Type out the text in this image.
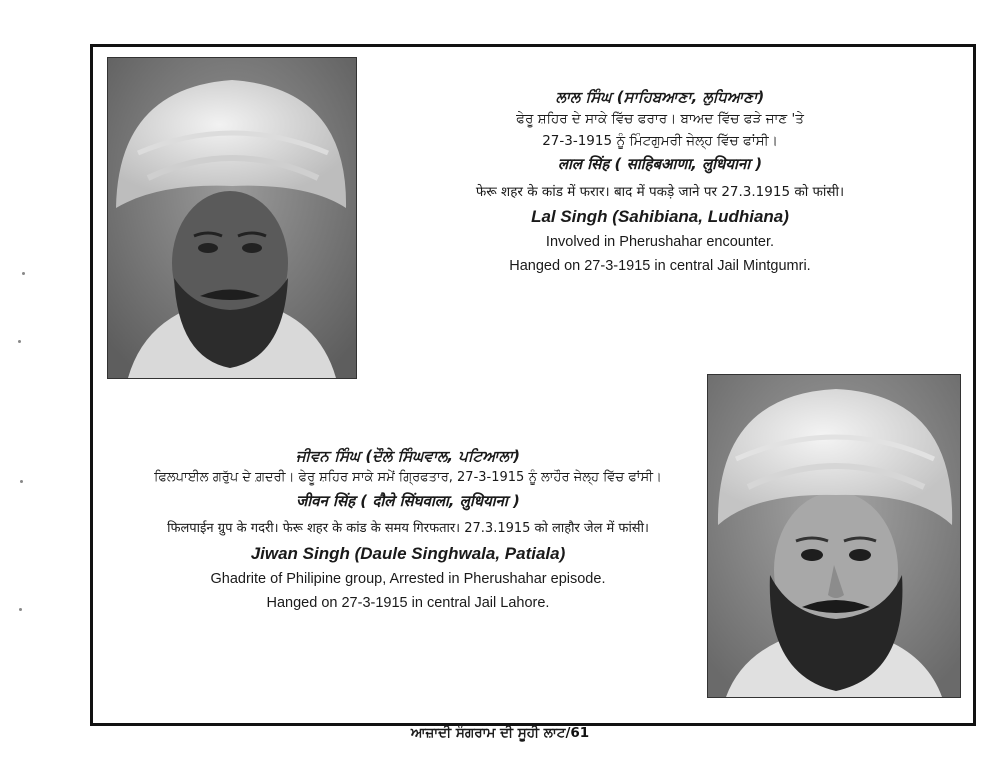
ਲਾਲ ਸਿੰਘ (ਸਾਹਿਬਆਣਾ, ਲੁਧਿਆਣਾ)
ਫੇਰੂ ਸ਼ਹਿਰ ਦੇ ਸਾਕੇ ਵਿੱਚ ਫਰਾਰ। ਬਾਅਦ ਵਿੱਚ ਫੜੇ ਜਾਣ 'ਤੇ
27-3-1915 ਨੂੰ ਮਿੰਟਗੁਮਰੀ ਜੇਲ੍ਹ ਵਿੱਚ ਫਾਂਸੀ।
लाल सिंह ( साहिबआणा, लुधियाना )
फेरू शहर के कांड में फरार। बाद में पकड़े जाने पर 27.3.1915 को फांसी।
Lal Singh (Sahibiana, Ludhiana)
Involved in Pherushahar encounter.
Hanged on 27-3-1915 in central Jail Mintgumri.
ਜੀਵਨ ਸਿੰਘ (ਦੌਲੇ ਸਿੰਘਵਾਲ, ਪਟਿਆਲਾ)
ਫਿਲਪਾਈਲ ਗਰੁੱਪ ਦੇ ਗ਼ਦਰੀ। ਫੇਰੂ ਸ਼ਹਿਰ ਸਾਕੇ ਸਮੇਂ ਗ੍ਰਿਫਤਾਰ, 27-3-1915 ਨੂੰ ਲਾਹੌਰ ਜੇਲ੍ਹ ਵਿੱਚ ਫਾਂਸੀ।
जीवन सिंह ( दौले सिंघवाला, लुधियाना )
फिलपाईन ग्रुप के गदरी। फेरू शहर के कांड के समय गिरफतार। 27.3.1915 को लाहौर जेल में फांसी।
Jiwan Singh (Daule Singhwala, Patiala)
Ghadrite of Philipine group, Arrested in Pherushahar episode.
Hanged on 27-3-1915 in central Jail Lahore.
ਆਜ਼ਾਦੀ ਸੰਗਰਾਮ ਦੀ ਸੂਹੀ ਲਾਟ/61
